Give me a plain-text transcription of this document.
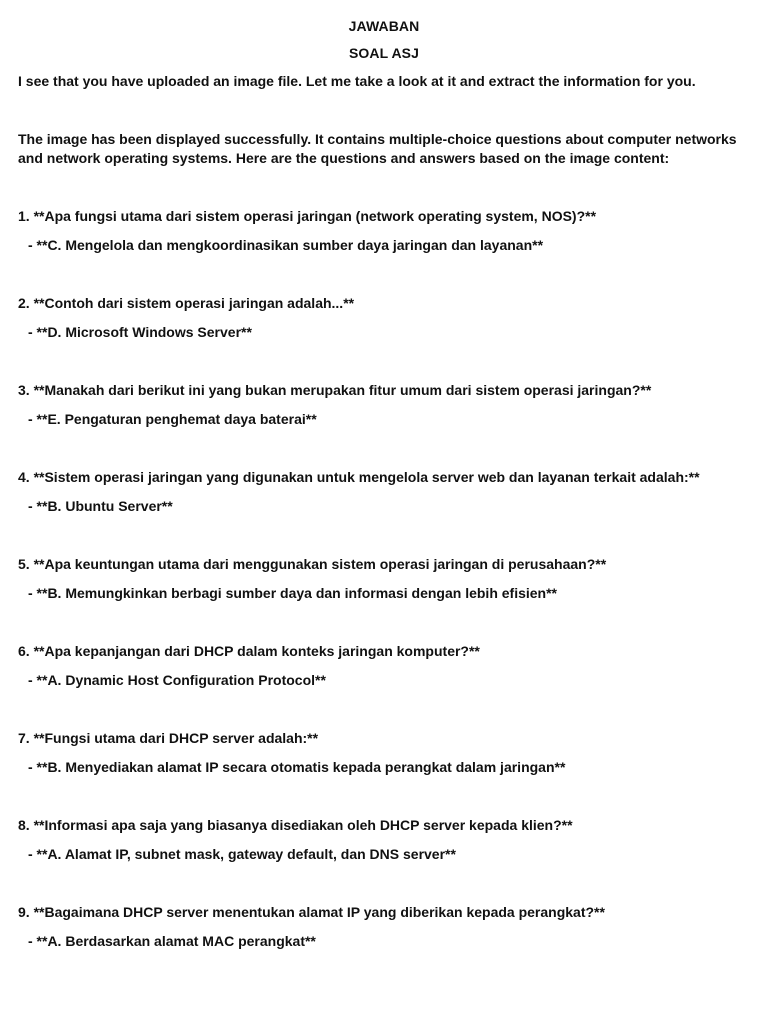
JAWABAN
SOAL ASJ
I see that you have uploaded an image file. Let me take a look at it and extract the information for you.
The image has been displayed successfully. It contains multiple-choice questions about computer networks and network operating systems. Here are the questions and answers based on the image content:
1. **Apa fungsi utama dari sistem operasi jaringan (network operating system, NOS)?**
- **C. Mengelola dan mengkoordinasikan sumber daya jaringan dan layanan**
2. **Contoh dari sistem operasi jaringan adalah...**
- **D. Microsoft Windows Server**
3. **Manakah dari berikut ini yang bukan merupakan fitur umum dari sistem operasi jaringan?**
- **E. Pengaturan penghemat daya baterai**
4. **Sistem operasi jaringan yang digunakan untuk mengelola server web dan layanan terkait adalah:**
- **B. Ubuntu Server**
5. **Apa keuntungan utama dari menggunakan sistem operasi jaringan di perusahaan?**
- **B. Memungkinkan berbagi sumber daya dan informasi dengan lebih efisien**
6. **Apa kepanjangan dari DHCP dalam konteks jaringan komputer?**
- **A. Dynamic Host Configuration Protocol**
7. **Fungsi utama dari DHCP server adalah:**
- **B. Menyediakan alamat IP secara otomatis kepada perangkat dalam jaringan**
8. **Informasi apa saja yang biasanya disediakan oleh DHCP server kepada klien?**
- **A. Alamat IP, subnet mask, gateway default, dan DNS server**
9. **Bagaimana DHCP server menentukan alamat IP yang diberikan kepada perangkat?**
- **A. Berdasarkan alamat MAC perangkat**
